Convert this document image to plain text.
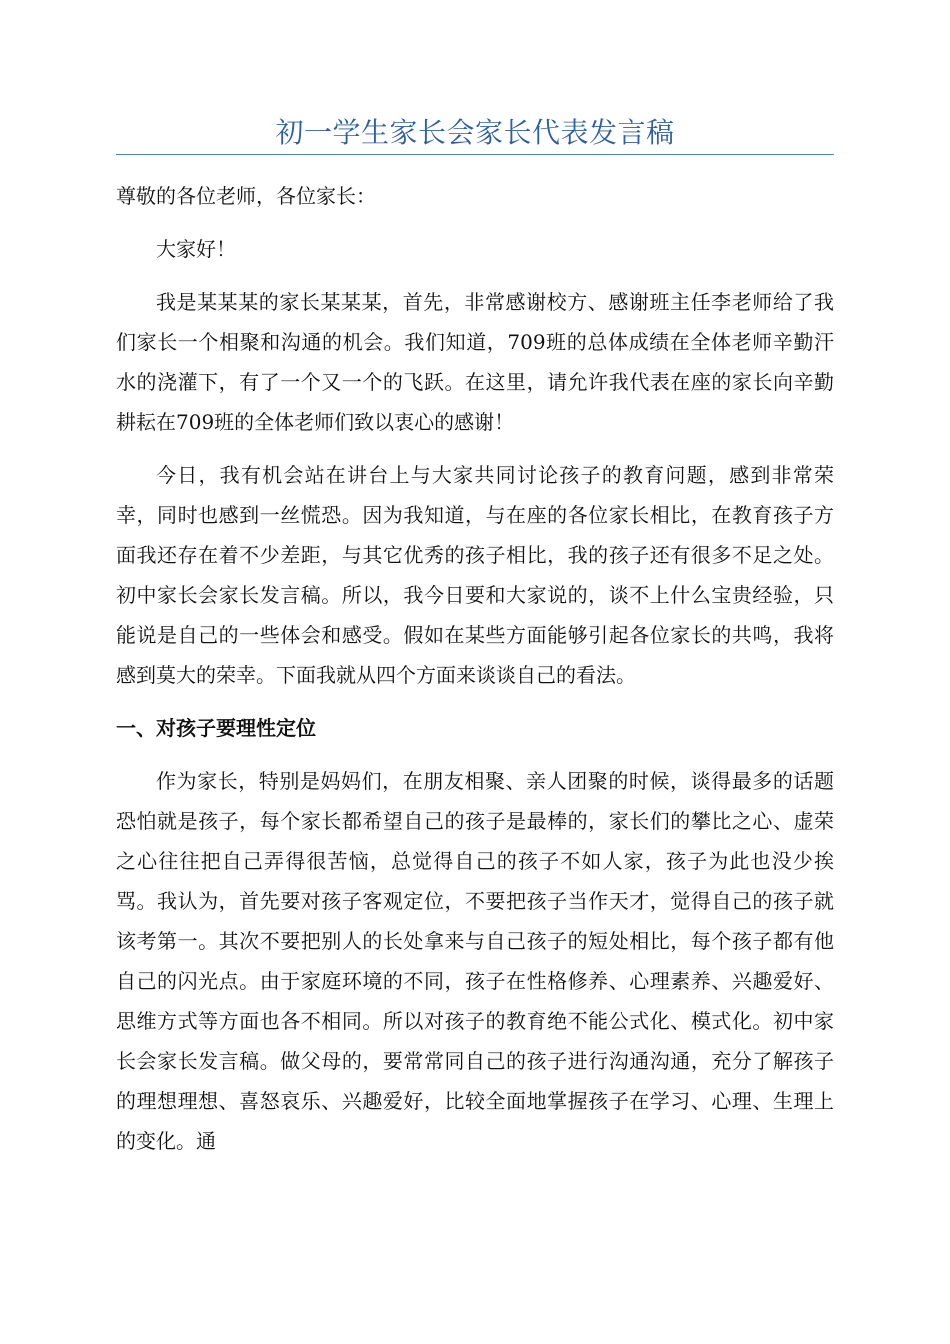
初一学生家长会家长代表发言稿

尊敬的各位老师，各位家长：

大家好！

我是某某某的家长某某某，首先，非常感谢校方、感谢班主任李老师给了我们家长一个相聚和沟通的机会。我们知道，709班的总体成绩在全体老师辛勤汗水的浇灌下，有了一个又一个的飞跃。在这里，请允许我代表在座的家长向辛勤耕耘在709班的全体老师们致以衷心的感谢！

今日，我有机会站在讲台上与大家共同讨论孩子的教育问题，感到非常荣幸，同时也感到一丝慌恐。因为我知道，与在座的各位家长相比，在教育孩子方面我还存在着不少差距，与其它优秀的孩子相比，我的孩子还有很多不足之处。初中家长会家长发言稿。所以，我今日要和大家说的，谈不上什么宝贵经验，只能说是自己的一些体会和感受。假如在某些方面能够引起各位家长的共鸣，我将感到莫大的荣幸。下面我就从四个方面来谈谈自己的看法。

一、对孩子要理性定位

作为家长，特别是妈妈们，在朋友相聚、亲人团聚的时候，谈得最多的话题恐怕就是孩子，每个家长都希望自己的孩子是最棒的，家长们的攀比之心、虚荣之心往往把自己弄得很苦恼，总觉得自己的孩子不如人家，孩子为此也没少挨骂。我认为，首先要对孩子客观定位，不要把孩子当作天才，觉得自己的孩子就该考第一。其次不要把别人的长处拿来与自己孩子的短处相比，每个孩子都有他自己的闪光点。由于家庭环境的不同，孩子在性格修养、心理素养、兴趣爱好、思维方式等方面也各不相同。所以对孩子的教育绝不能公式化、模式化。初中家长会家长发言稿。做父母的，要常常同自己的孩子进行沟通沟通，充分了解孩子的理想理想、喜怒哀乐、兴趣爱好，比较全面地掌握孩子在学习、心理、生理上的变化。通
